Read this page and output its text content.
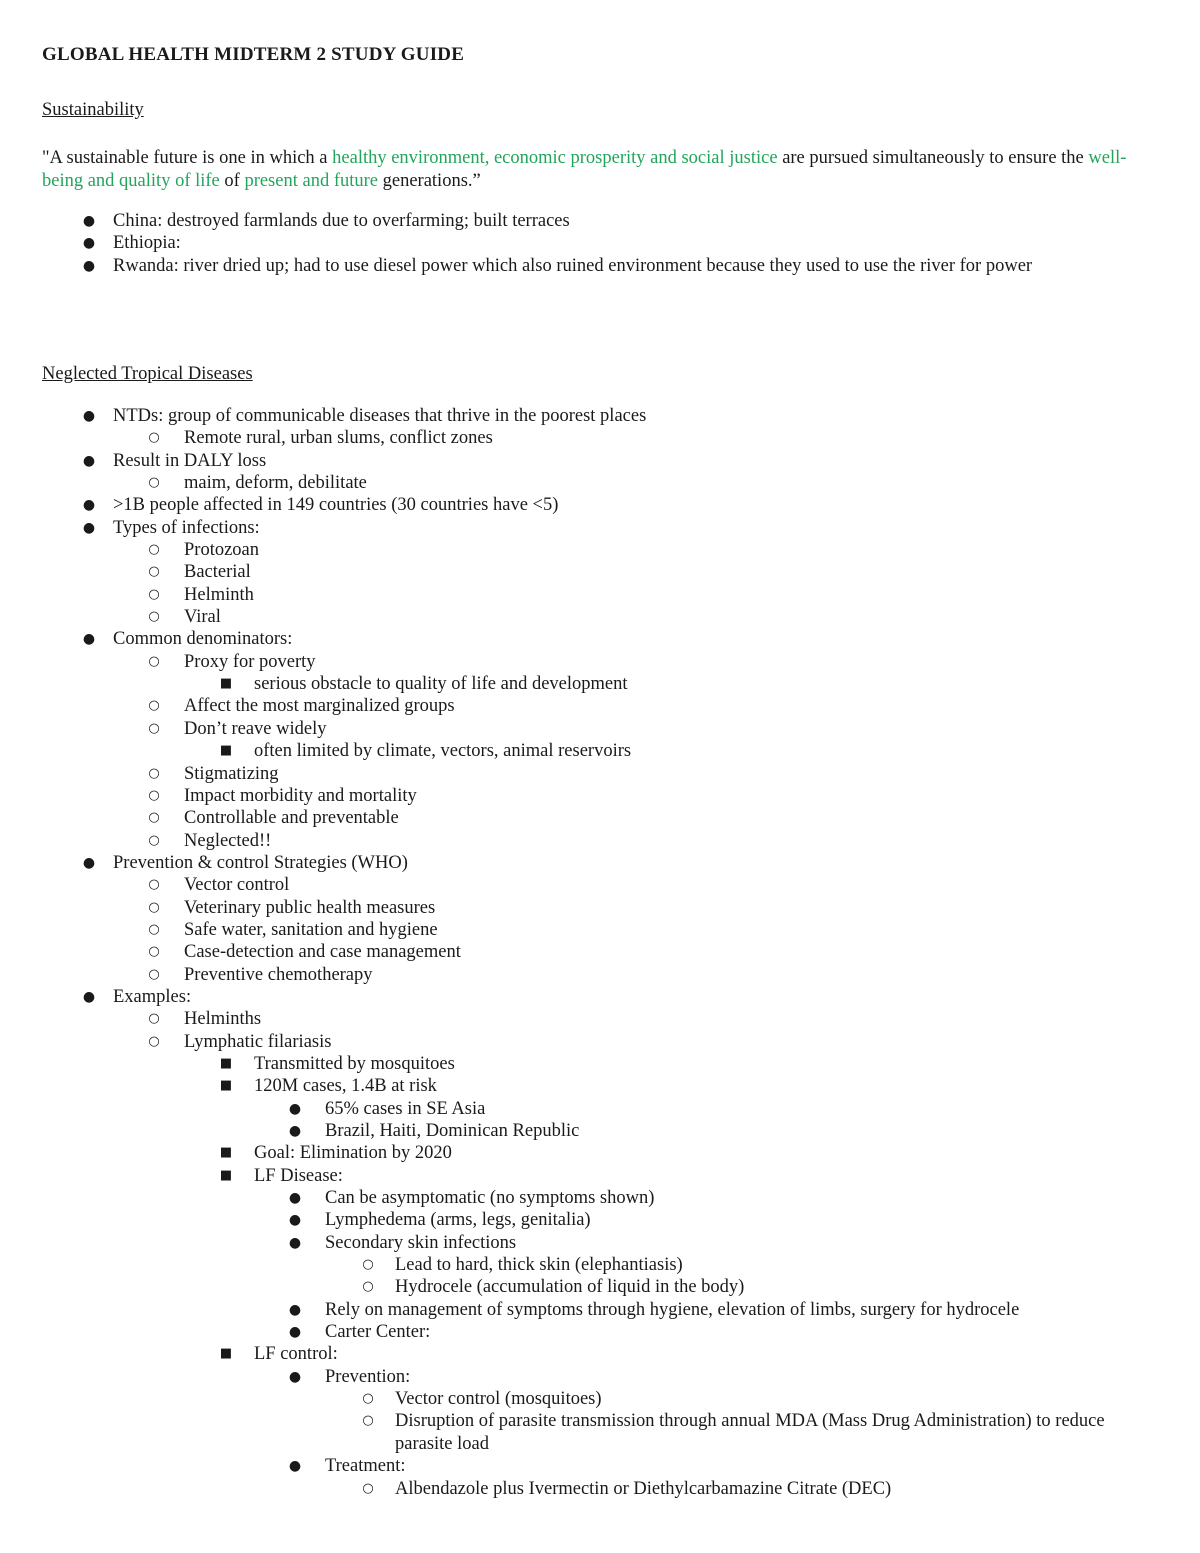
GLOBAL HEALTH MIDTERM 2 STUDY GUIDE
Sustainability
"A sustainable future is one in which a healthy environment, economic prosperity and social justice are pursued simultaneously to ensure the well-being and quality of life of present and future generations.”
● China: destroyed farmlands due to overfarming; built terraces
● Ethiopia:
● Rwanda: river dried up; had to use diesel power which also ruined environment because they used to use the river for power
Neglected Tropical Diseases
● NTDs: group of communicable diseases that thrive in the poorest places
○	Remote rural, urban slums, conflict zones
● Result in DALY loss
○	maim, deform, debilitate
● >1B people affected in 149 countries (30 countries have <5)
● Types of infections:
○	Protozoan
○	Bacterial
○	Helminth
○	Viral
● Common denominators:
○	Proxy for poverty
■	serious obstacle to quality of life and development
○	Affect the most marginalized groups
○	Don’t reave widely
■	often limited by climate, vectors, animal reservoirs
○	Stigmatizing
○	Impact morbidity and mortality
○	Controllable and preventable
○	Neglected!!
● Prevention & control Strategies (WHO)
○	Vector control
○	Veterinary public health measures
○	Safe water, sanitation and hygiene
○	Case-detection and case management
○	Preventive chemotherapy
● Examples:
○	Helminths
○	Lymphatic filariasis
■	Transmitted by mosquitoes
■	120M cases, 1.4B at risk
●	65% cases in SE Asia
●	Brazil, Haiti, Dominican Republic
■	Goal: Elimination by 2020
■	LF Disease:
●	Can be asymptomatic (no symptoms shown)
●	Lymphedema (arms, legs, genitalia)
●	Secondary skin infections
○	Lead to hard, thick skin (elephantiasis)
○	Hydrocele (accumulation of liquid in the body)
●	Rely on management of symptoms through hygiene, elevation of limbs, surgery for hydrocele
●	Carter Center:
■	LF control:
●	Prevention:
○	Vector control (mosquitoes)
○	Disruption of parasite transmission through annual MDA (Mass Drug Administration) to reduce parasite load
●	Treatment:
○	Albendazole plus Ivermectin or Diethylcarbamazine Citrate (DEC)
